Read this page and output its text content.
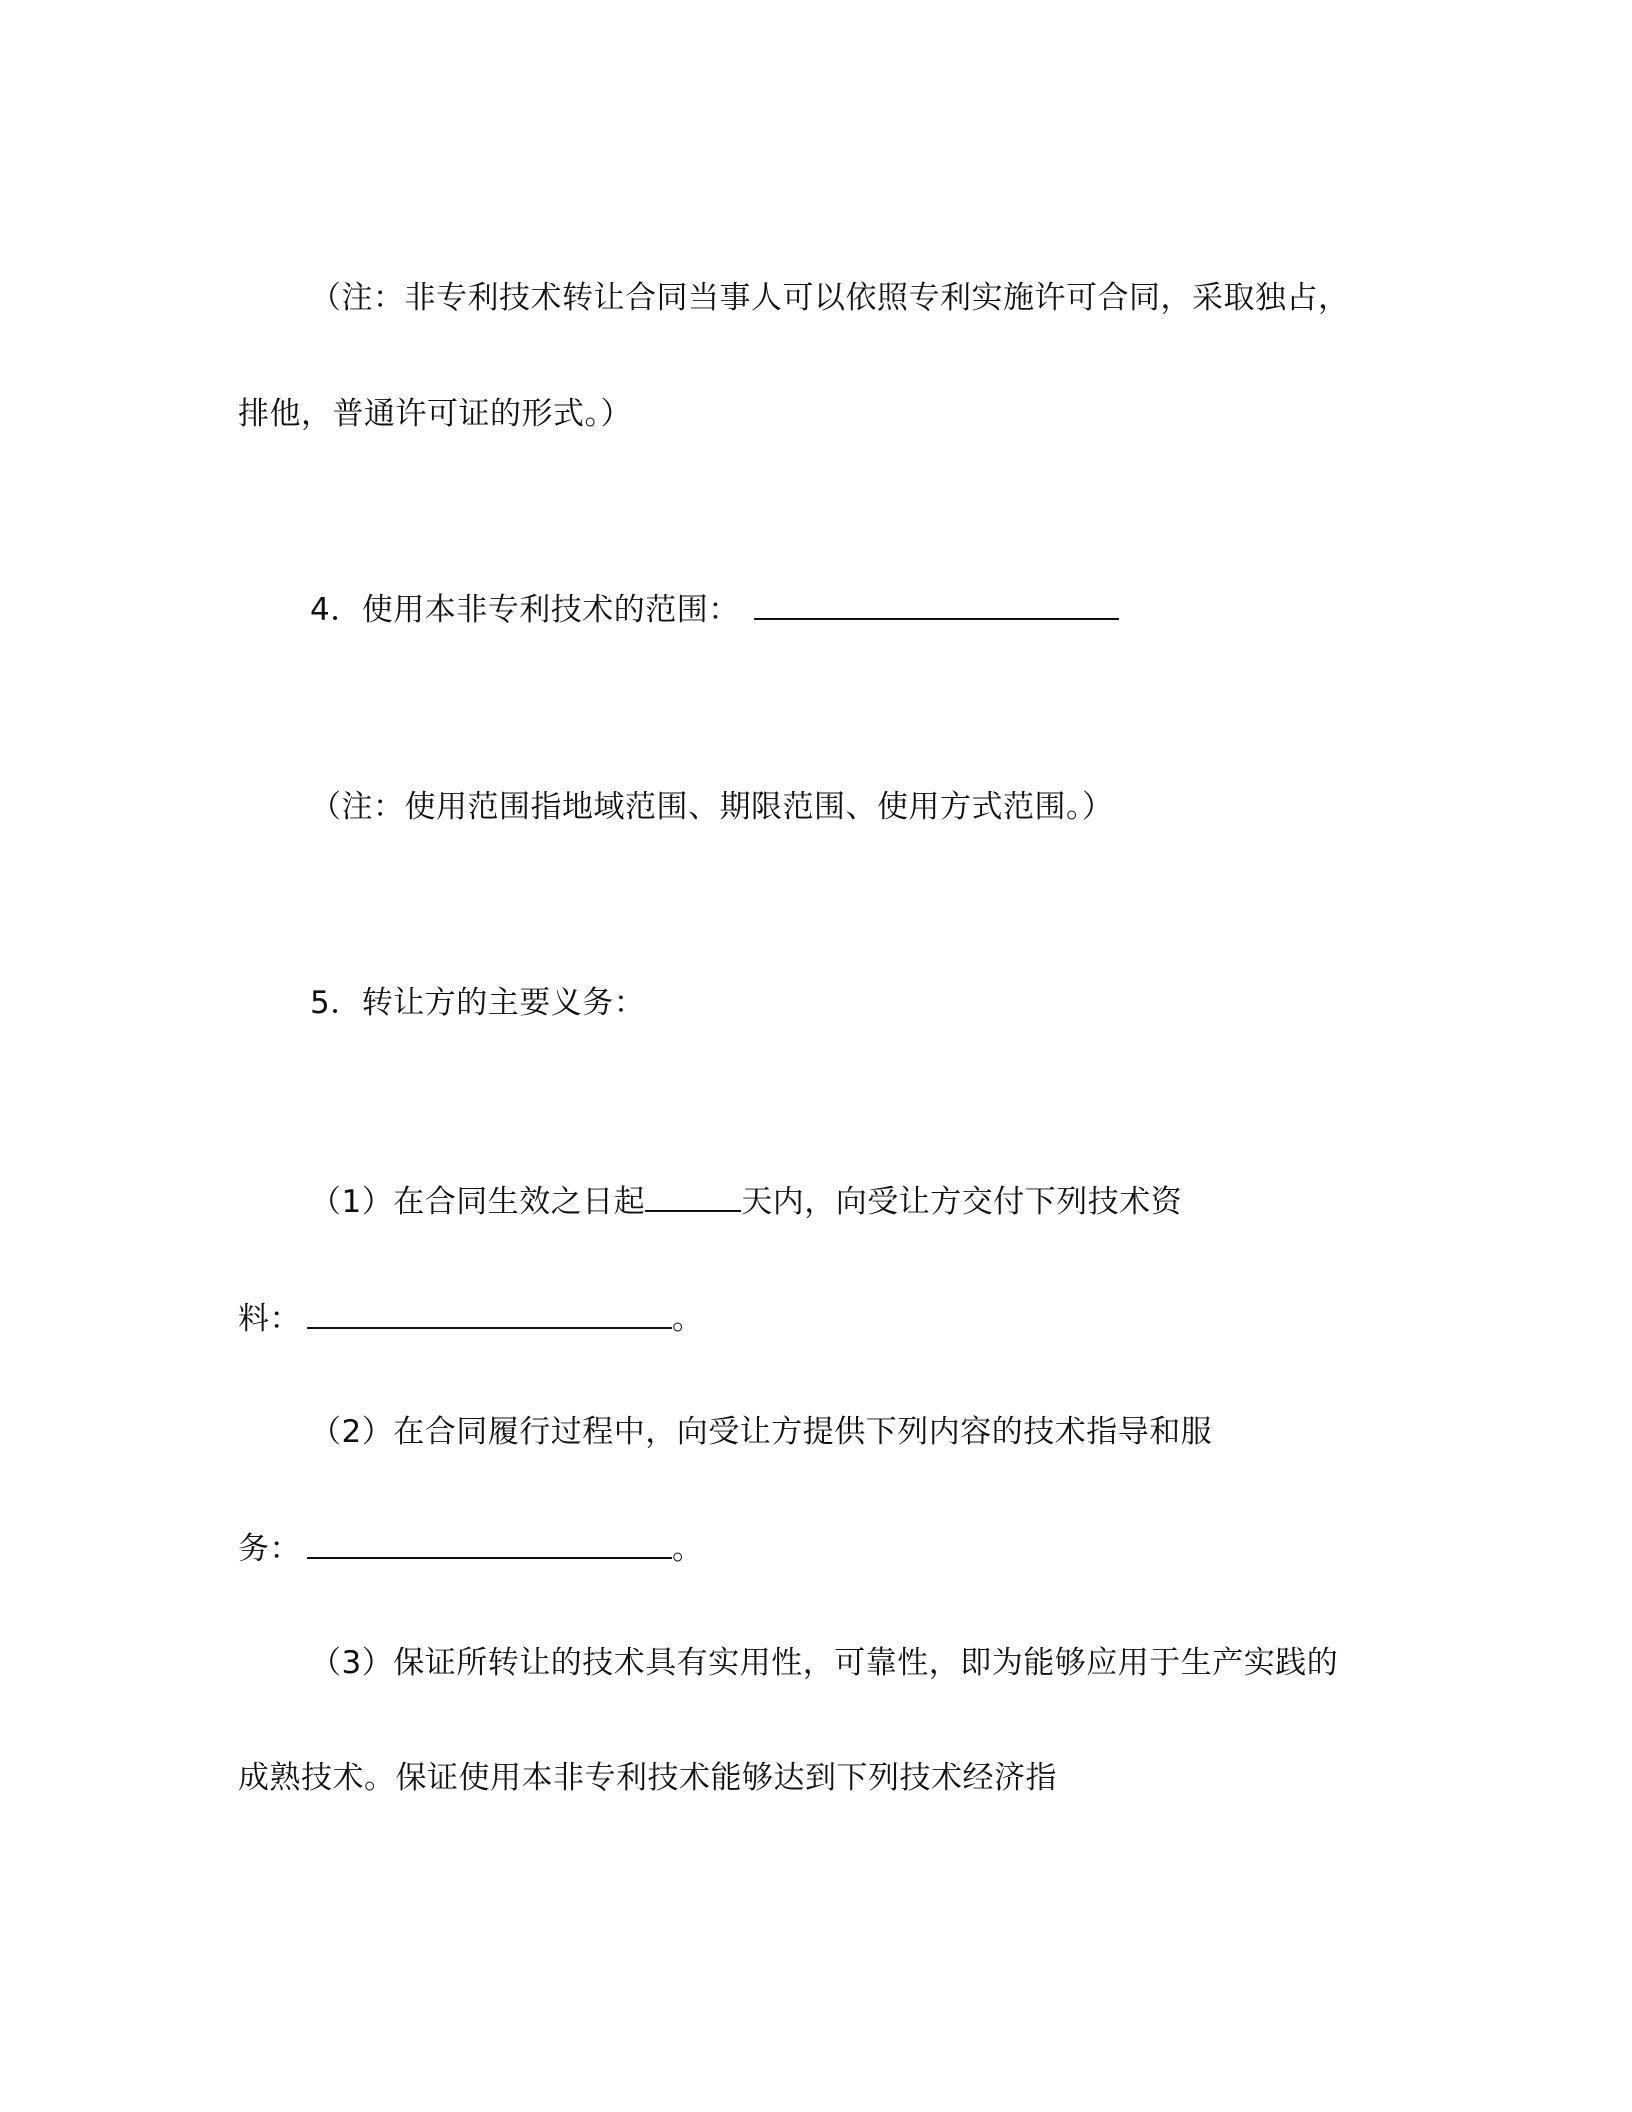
（注：非专利技术转让合同当事人可以依照专利实施许可合同，采取独占，
排他，普通许可证的形式。）
4．使用本非专利技术的范围：
（注：使用范围指地域范围、期限范围、使用方式范围。）
5．转让方的主要义务：
（1）在合同生效之日起	天内，向受让方交付下列技术资
料：	。
（2）在合同履行过程中，向受让方提供下列内容的技术指导和服
务：	。
（3）保证所转让的技术具有实用性，可靠性，即为能够应用于生产实践的
成熟技术。保证使用本非专利技术能够达到下列技术经济指
